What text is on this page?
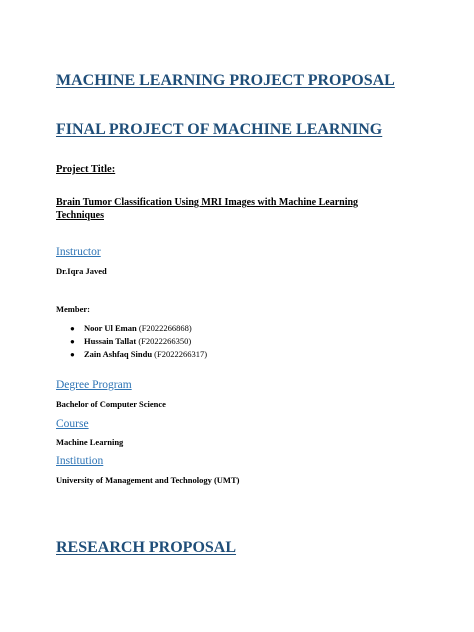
MACHINE LEARNING PROJECT PROPOSAL
FINAL PROJECT OF MACHINE LEARNING
Project Title:
Brain Tumor Classification Using MRI Images with Machine Learning Techniques
Instructor
Dr.Iqra Javed
Member:
● Noor Ul Eman (F2022266868)
● Hussain Tallat (F2022266350)
● Zain Ashfaq Sindu (F2022266317)
Degree Program
Bachelor of Computer Science
Course
Machine Learning
Institution
University of Management and Technology (UMT)
RESEARCH PROPOSAL
